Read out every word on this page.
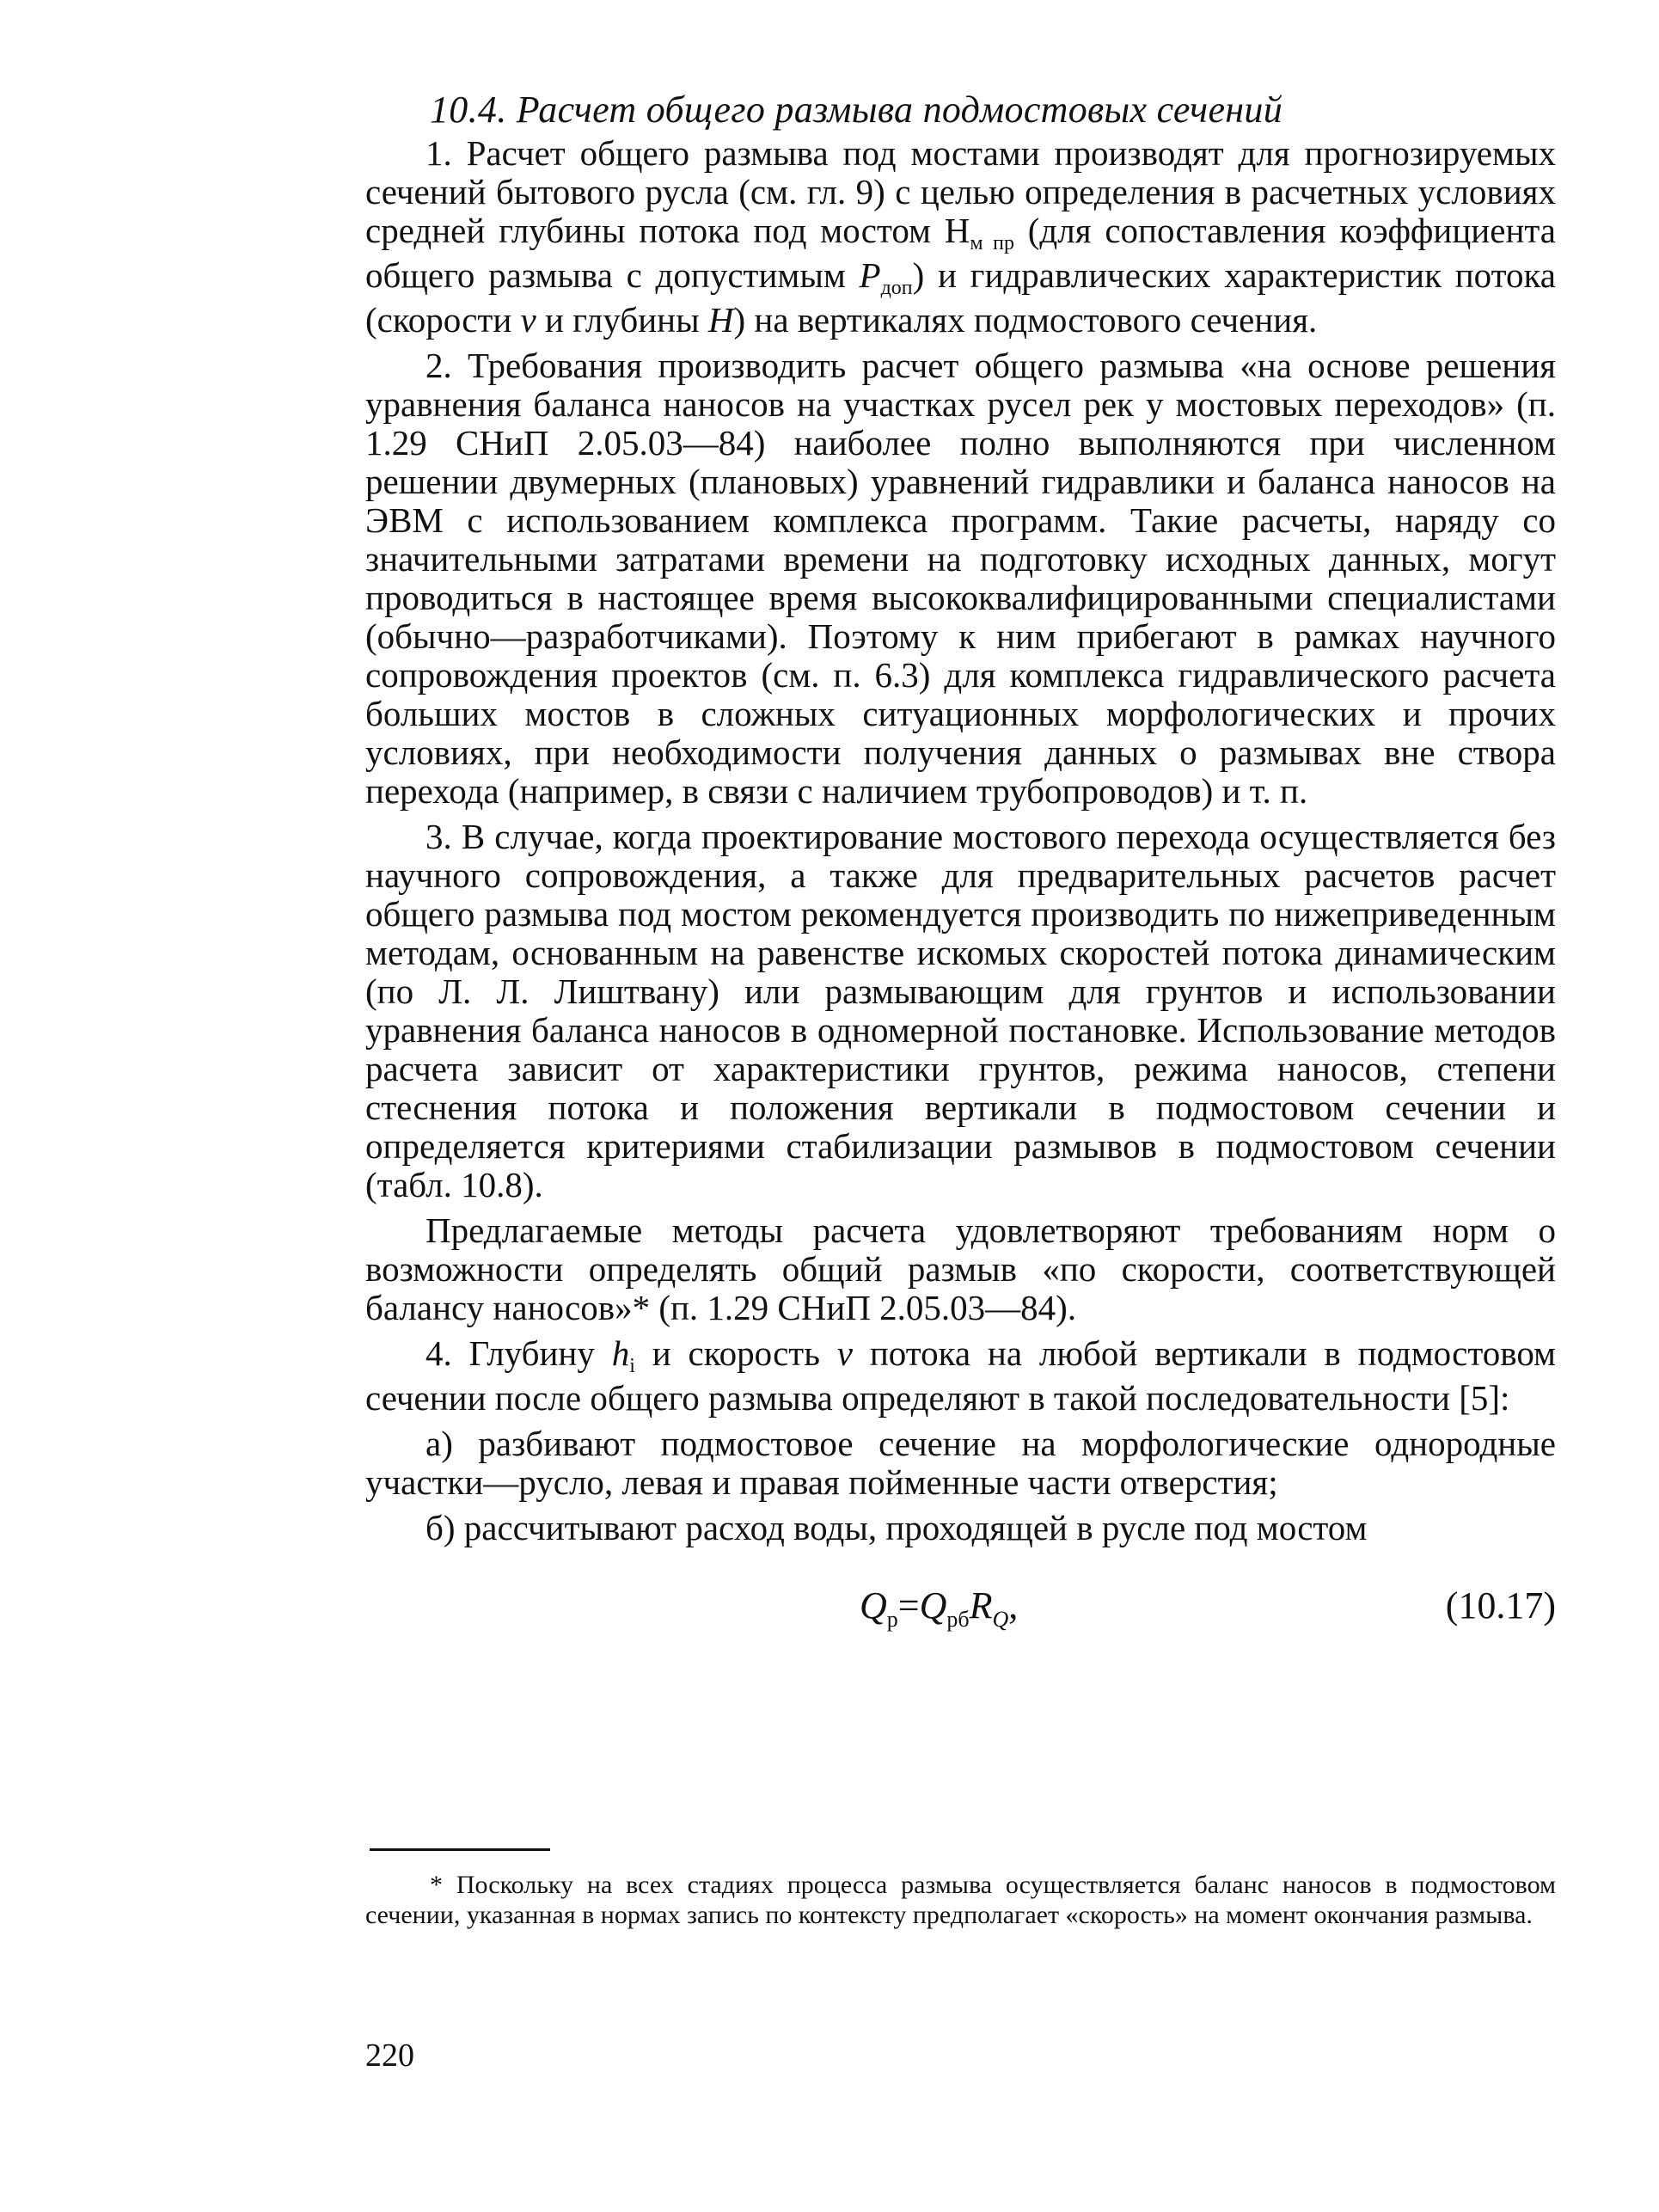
10.4. Расчет общего размыва подмостовых сечений

1. Расчет общего размыва под мостами производят для прогнозируемых сечений бытового русла (см. гл. 9) с целью определения в расчетных условиях средней глубины потока под мостом Hм пр (для сопоставления коэффициента общего размыва с допустимым Pдоп) и гидравлических характеристик потока (скорости v и глубины H) на вертикалях подмостового сечения.

2. Требования производить расчет общего размыва «на основе решения уравнения баланса наносов на участках русел рек у мостовых переходов» (п. 1.29 СНиП 2.05.03—84) наиболее полно выполняются при численном решении двумерных (плановых) уравнений гидравлики и баланса наносов на ЭВМ с использованием комплекса программ. Такие расчеты, наряду со значительными затратами времени на подготовку исходных данных, могут проводиться в настоящее время высококвалифицированными специалистами (обычно—разработчиками). Поэтому к ним прибегают в рамках научного сопровождения проектов (см. п. 6.3) для комплекса гидравлического расчета больших мостов в сложных ситуационных морфологических и прочих условиях, при необходимости получения данных о размывах вне створа перехода (например, в связи с наличием трубопроводов) и т. п.

3. В случае, когда проектирование мостового перехода осуществляется без научного сопровождения, а также для предварительных расчетов расчет общего размыва под мостом рекомендуется производить по нижеприведенным методам, основанным на равенстве искомых скоростей потока динамическим (по Л. Л. Лиштвану) или размывающим для грунтов и использовании уравнения баланса наносов в одномерной постановке. Использование методов расчета зависит от характеристики грунтов, режима наносов, степени стеснения потока и положения вертикали в подмостовом сечении и определяется критериями стабилизации размывов в подмостовом сечении (табл. 10.8).

Предлагаемые методы расчета удовлетворяют требованиям норм о возможности определять общий размыв «по скорости, соответствующей балансу наносов»* (п. 1.29 СНиП 2.05.03—84).

4. Глубину hi и скорость v потока на любой вертикали в подмостовом сечении после общего размыва определяют в такой последовательности [5]:

а) разбивают подмостовое сечение на морфологические однородные участки—русло, левая и правая пойменные части отверстия;

б) рассчитывают расход воды, проходящей в русле под мостом

$Q_р=Q_{рб}R_Q$,	(10.17)

* Поскольку на всех стадиях процесса размыва осуществляется баланс наносов в подмостовом сечении, указанная в нормах запись по контексту предполагает «скорость» на момент окончания размыва.

220
